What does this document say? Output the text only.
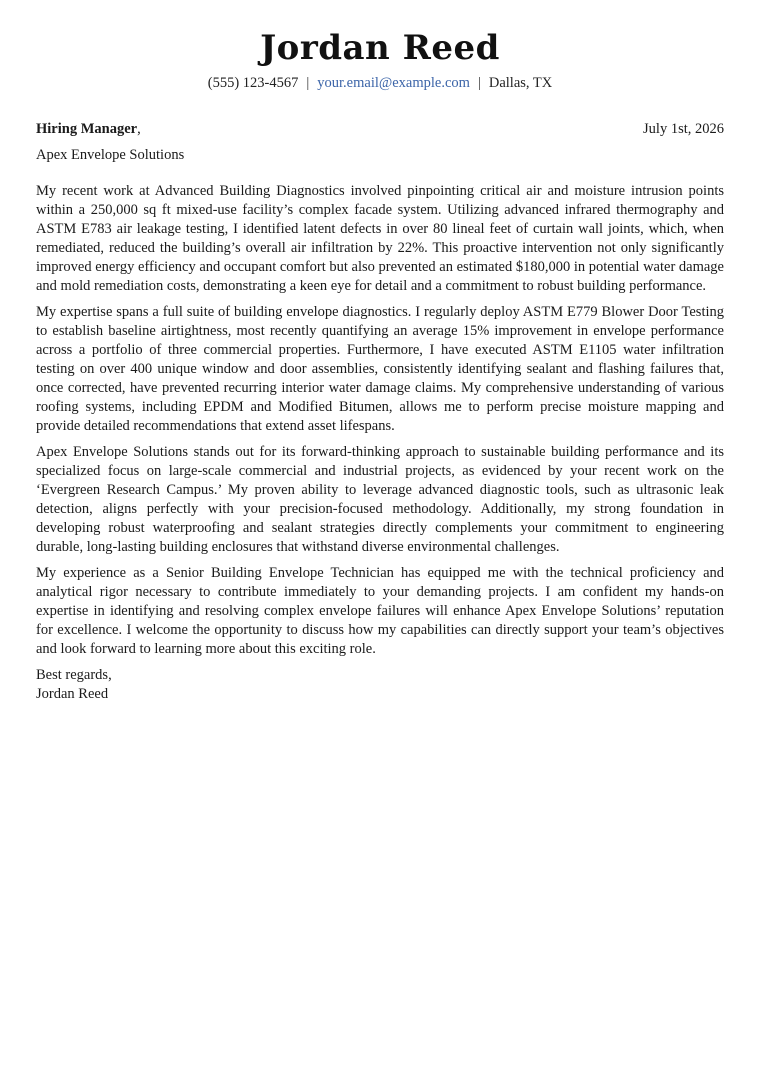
Jordan Reed
(555) 123-4567 | your.email@example.com | Dallas, TX
Hiring Manager,	July 1st, 2026
Apex Envelope Solutions

My recent work at Advanced Building Diagnostics involved pinpointing critical air and moisture intrusion points within a 250,000 sq ft mixed-use facility’s complex facade system. Utilizing advanced infrared thermography and ASTM E783 air leakage testing, I identified latent defects in over 80 lineal feet of curtain wall joints, which, when remediated, reduced the building’s overall air infiltration by 22%. This proactive intervention not only significantly improved energy efficiency and occupant comfort but also prevented an estimated $180,000 in potential water damage and mold remediation costs, demonstrating a keen eye for detail and a commitment to robust building performance.

My expertise spans a full suite of building envelope diagnostics. I regularly deploy ASTM E779 Blower Door Testing to establish baseline airtightness, most recently quantifying an average 15% improvement in envelope performance across a portfolio of three commercial properties. Furthermore, I have executed ASTM E1105 water infiltration testing on over 400 unique window and door assemblies, consistently identifying sealant and flashing failures that, once corrected, have prevented recurring interior water damage claims. My comprehensive understanding of various roofing systems, including EPDM and Modified Bitumen, allows me to perform precise moisture mapping and provide detailed recommendations that extend asset lifespans.

Apex Envelope Solutions stands out for its forward-thinking approach to sustainable building performance and its specialized focus on large-scale commercial and industrial projects, as evidenced by your recent work on the ‘Evergreen Research Campus.’ My proven ability to leverage advanced diagnostic tools, such as ultrasonic leak detection, aligns perfectly with your precision-focused methodology. Additionally, my strong foundation in developing robust waterproofing and sealant strategies directly complements your commitment to engineering durable, long-lasting building enclosures that withstand diverse environmental challenges.

My experience as a Senior Building Envelope Technician has equipped me with the technical proficiency and analytical rigor necessary to contribute immediately to your demanding projects. I am confident my hands-on expertise in identifying and resolving complex envelope failures will enhance Apex Envelope Solutions’ reputation for excellence. I welcome the opportunity to discuss how my capabilities can directly support your team’s objectives and look forward to learning more about this exciting role.

Best regards,
Jordan Reed
